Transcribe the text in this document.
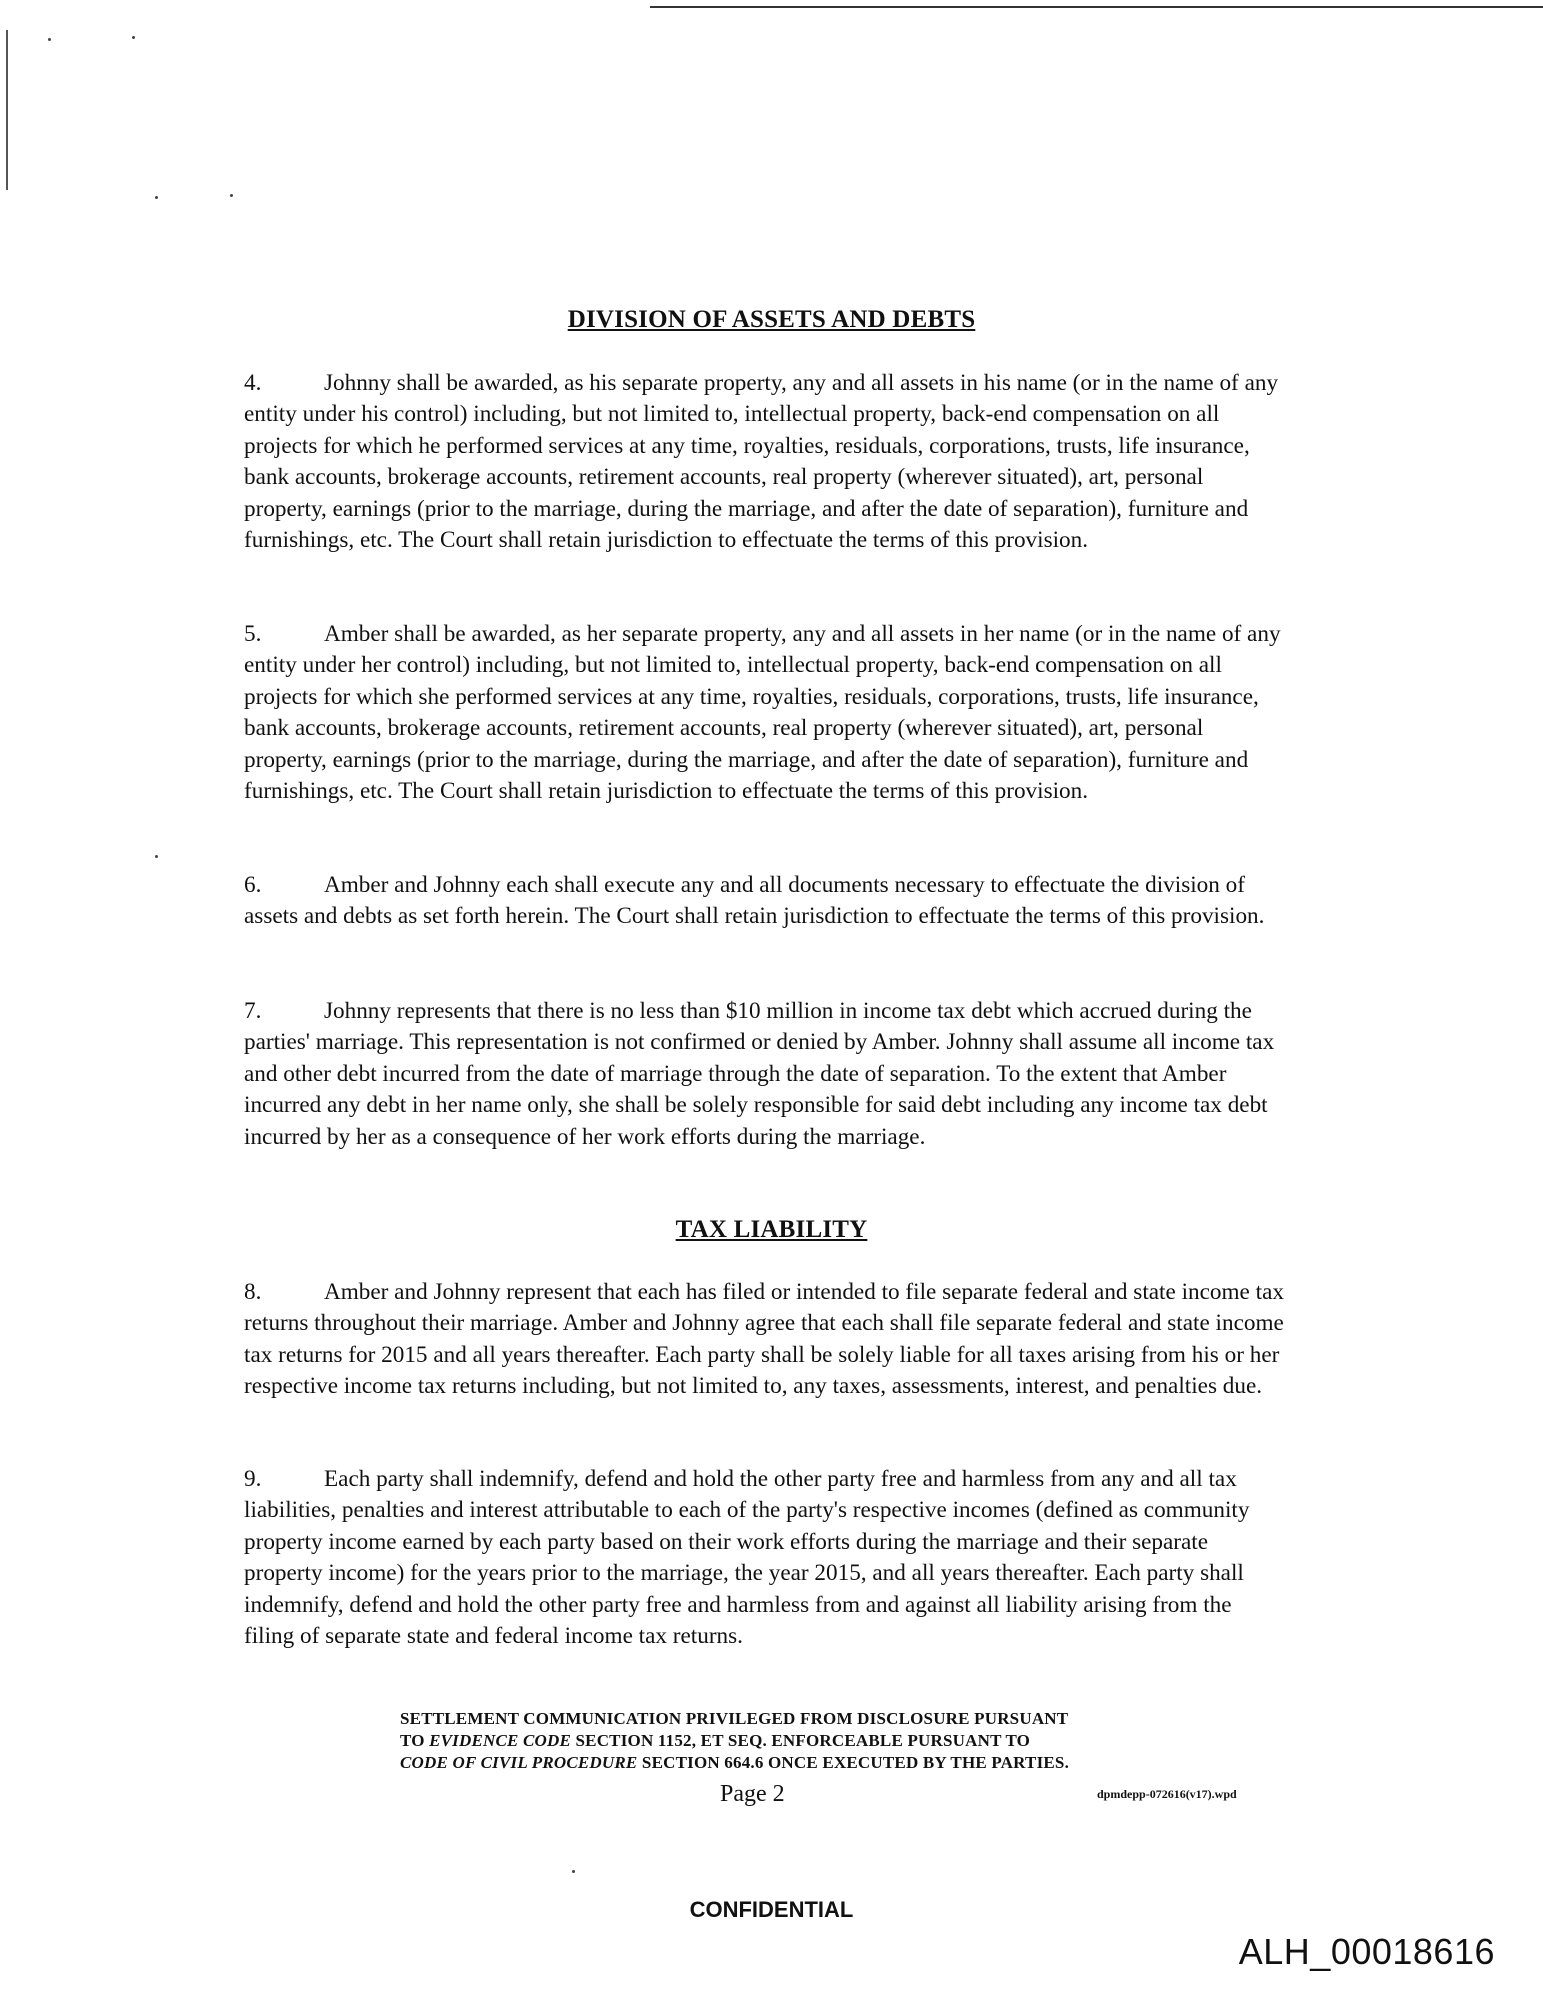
DIVISION OF ASSETS AND DEBTS

4.	Johnny shall be awarded, as his separate property, any and all assets in his name (or in the name of any entity under his control) including, but not limited to, intellectual property, back-end compensation on all projects for which he performed services at any time, royalties, residuals, corporations, trusts, life insurance, bank accounts, brokerage accounts, retirement accounts, real property (wherever situated), art, personal property, earnings (prior to the marriage, during the marriage, and after the date of separation), furniture and furnishings, etc. The Court shall retain jurisdiction to effectuate the terms of this provision.

5.	Amber shall be awarded, as her separate property, any and all assets in her name (or in the name of any entity under her control) including, but not limited to, intellectual property, back-end compensation on all projects for which she performed services at any time, royalties, residuals, corporations, trusts, life insurance, bank accounts, brokerage accounts, retirement accounts, real property (wherever situated), art, personal property, earnings (prior to the marriage, during the marriage, and after the date of separation), furniture and furnishings, etc. The Court shall retain jurisdiction to effectuate the terms of this provision.

6.	Amber and Johnny each shall execute any and all documents necessary to effectuate the division of assets and debts as set forth herein. The Court shall retain jurisdiction to effectuate the terms of this provision.

7.	Johnny represents that there is no less than $10 million in income tax debt which accrued during the parties' marriage. This representation is not confirmed or denied by Amber. Johnny shall assume all income tax and other debt incurred from the date of marriage through the date of separation. To the extent that Amber incurred any debt in her name only, she shall be solely responsible for said debt including any income tax debt incurred by her as a consequence of her work efforts during the marriage.

TAX LIABILITY

8.	Amber and Johnny represent that each has filed or intended to file separate federal and state income tax returns throughout their marriage. Amber and Johnny agree that each shall file separate federal and state income tax returns for 2015 and all years thereafter. Each party shall be solely liable for all taxes arising from his or her respective income tax returns including, but not limited to, any taxes, assessments, interest, and penalties due.

9.	Each party shall indemnify, defend and hold the other party free and harmless from any and all tax liabilities, penalties and interest attributable to each of the party's respective incomes (defined as community property income earned by each party based on their work efforts during the marriage and their separate property income) for the years prior to the marriage, the year 2015, and all years thereafter. Each party shall indemnify, defend and hold the other party free and harmless from and against all liability arising from the filing of separate state and federal income tax returns.

SETTLEMENT COMMUNICATION PRIVILEGED FROM DISCLOSURE PURSUANT
TO EVIDENCE CODE SECTION 1152, ET SEQ. ENFORCEABLE PURSUANT TO
CODE OF CIVIL PROCEDURE SECTION 664.6 ONCE EXECUTED BY THE PARTIES.
Page 2	dpmdepp-072616(v17).wpd
CONFIDENTIAL
ALH_00018616
